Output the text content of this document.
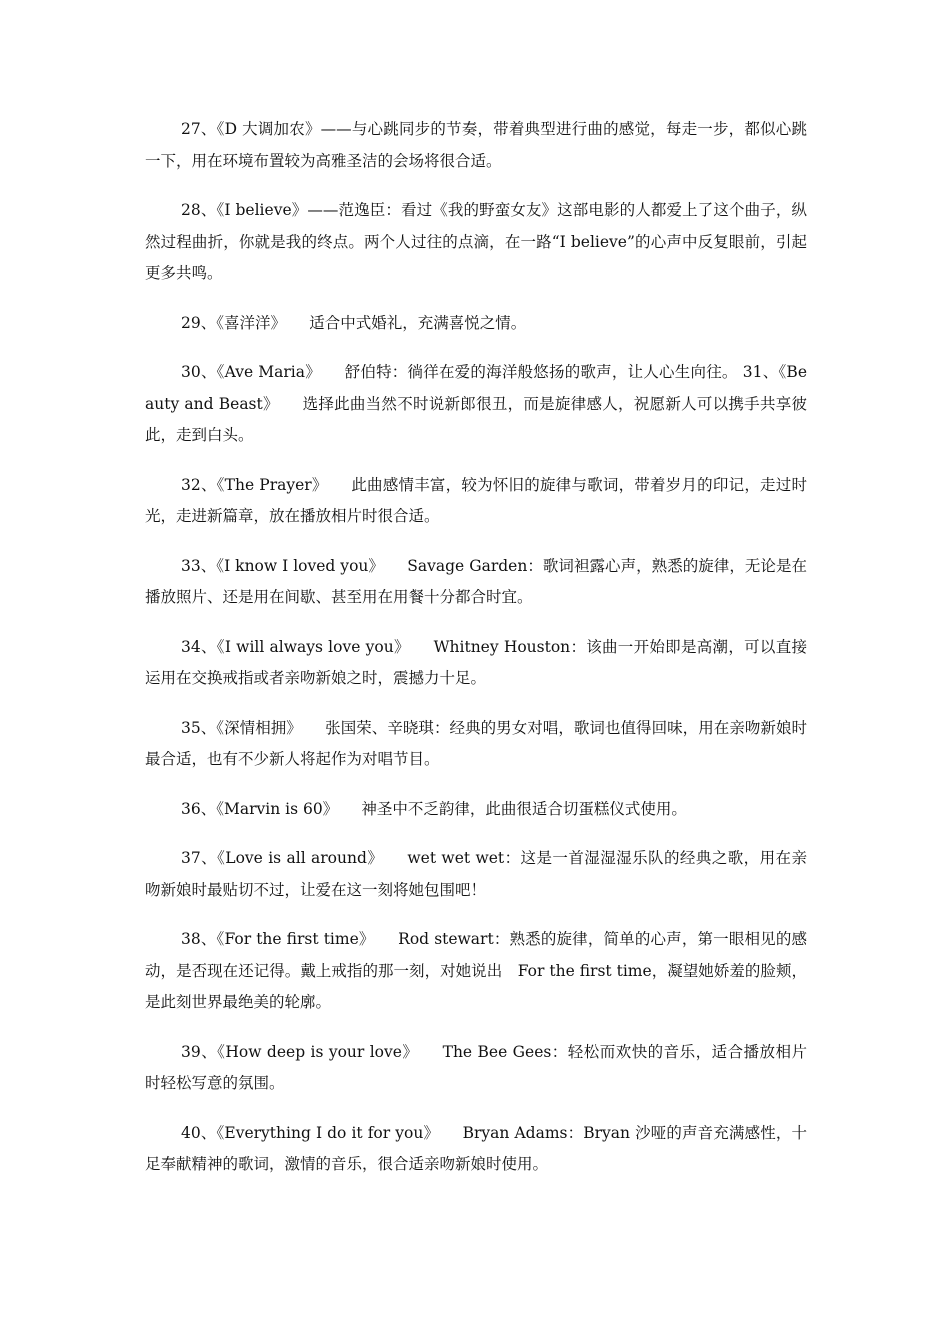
27、《D 大调加农》——与心跳同步的节奏，带着典型进行曲的感觉，每走一步，都似心跳一下，用在环境布置较为高雅圣洁的会场将很合适。

28、《I believe》——范逸臣：看过《我的野蛮女友》这部电影的人都爱上了这个曲子，纵然过程曲折，你就是我的终点。两个人过往的点滴，在一路“I believe”的心声中反复眼前，引起更多共鸣。

29、《喜洋洋》　　适合中式婚礼，充满喜悦之情。

30、《Ave Maria》　　舒伯特：徜徉在爱的海洋般悠扬的歌声，让人心生向往。 31、《Beauty and Beast》　　选择此曲当然不时说新郎很丑，而是旋律感人，祝愿新人可以携手共享彼此，走到白头。

32、《The Prayer》　　此曲感情丰富，较为怀旧的旋律与歌词，带着岁月的印记，走过时光，走进新篇章，放在播放相片时很合适。

33、《I know I loved you》　　Savage Garden：歌词袒露心声，熟悉的旋律，无论是在播放照片、还是用在间歇、甚至用在用餐十分都合时宜。

34、《I will always love you》　　Whitney Houston：该曲一开始即是高潮，可以直接运用在交换戒指或者亲吻新娘之时，震撼力十足。

35、《深情相拥》　　张国荣、辛晓琪：经典的男女对唱，歌词也值得回味，用在亲吻新娘时最合适，也有不少新人将起作为对唱节目。

36、《Marvin is 60》　　神圣中不乏韵律，此曲很适合切蛋糕仪式使用。

37、《Love is all around》　　wet wet wet：这是一首湿湿湿乐队的经典之歌，用在亲吻新娘时最贴切不过，让爱在这一刻将她包围吧！

38、《For the first time》　　Rod stewart：熟悉的旋律，简单的心声，第一眼相见的感动，是否现在还记得。戴上戒指的那一刻，对她说出　For the first time，凝望她娇羞的脸颊，是此刻世界最绝美的轮廓。

39、《How deep is your love》　　The Bee Gees：轻松而欢快的音乐，适合播放相片时轻松写意的氛围。

40、《Everything I do it for you》　　Bryan Adams：Bryan 沙哑的声音充满感性，十足奉献精神的歌词，激情的音乐，很合适亲吻新娘时使用。
